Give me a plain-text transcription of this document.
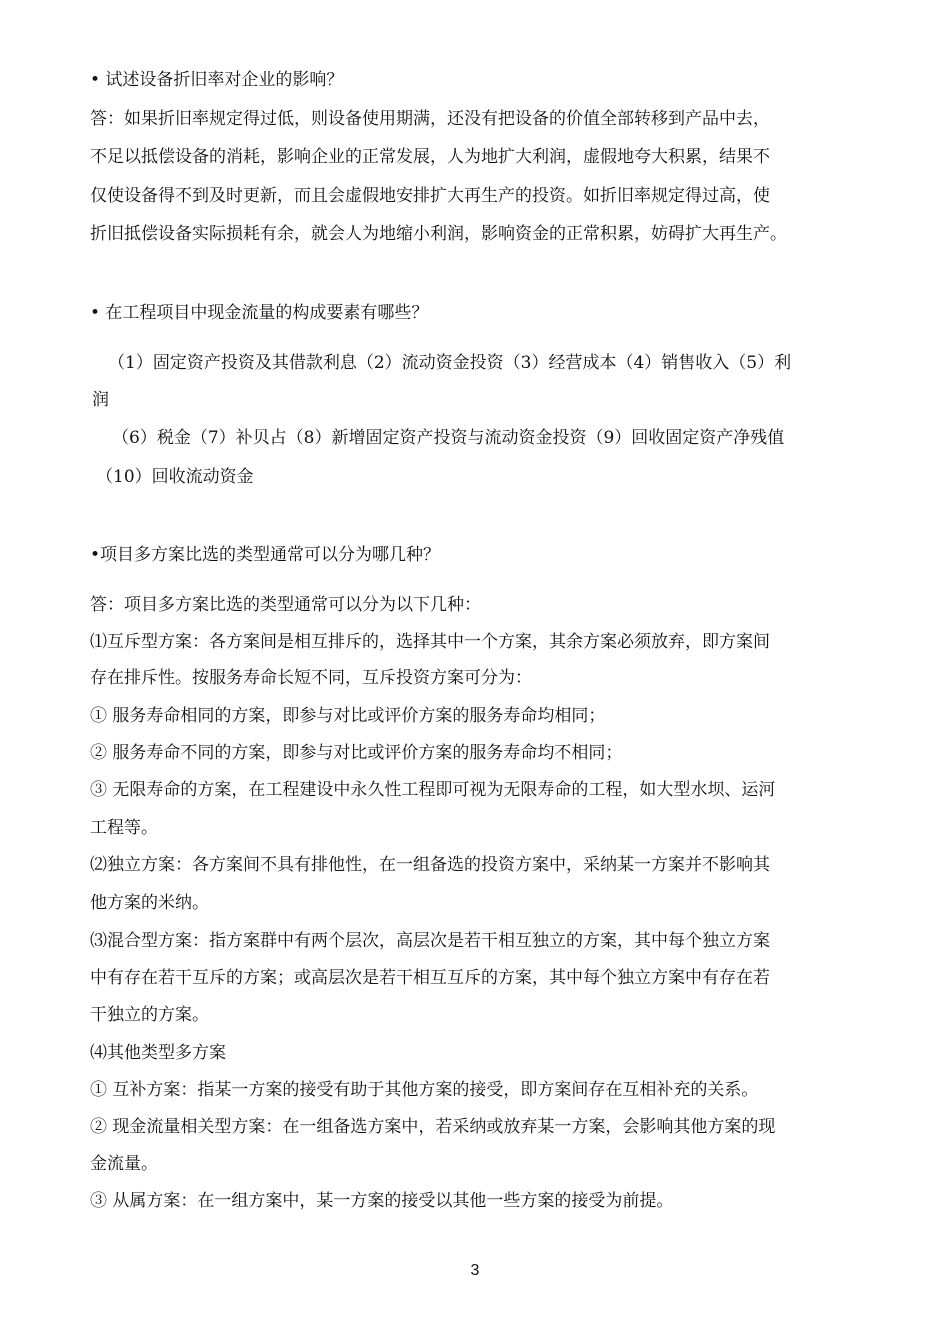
• 试述设备折旧率对企业的影响？
答：如果折旧率规定得过低，则设备使用期满，还没有把设备的价值全部转移到产品中去，
不足以抵偿设备的消耗，影响企业的正常发展，人为地扩大利润，虚假地夸大积累，结果不
仅使设备得不到及时更新，而且会虚假地安排扩大再生产的投资。如折旧率规定得过高，使
折旧抵偿设备实际损耗有余，就会人为地缩小利润，影响资金的正常积累，妨碍扩大再生产。
• 在工程项目中现金流量的构成要素有哪些？
（1）固定资产投资及其借款利息（2）流动资金投资（3）经营成本（4）销售收入（5）利
润
（6）税金（7）补贝占（8）新增固定资产投资与流动资金投资（9）回收固定资产净残值
（10）回收流动资金
•项目多方案比选的类型通常可以分为哪几种？
答：项目多方案比选的类型通常可以分为以下几种：
⑴互斥型方案：各方案间是相互排斥的，选择其中一个方案，其余方案必须放弃，即方案间
存在排斥性。按服务寿命长短不同，互斥投资方案可分为：
① 服务寿命相同的方案，即参与对比或评价方案的服务寿命均相同；
② 服务寿命不同的方案，即参与对比或评价方案的服务寿命均不相同；
③ 无限寿命的方案，在工程建设中永久性工程即可视为无限寿命的工程，如大型水坝、运河
工程等。
⑵独立方案：各方案间不具有排他性，在一组备选的投资方案中，采纳某一方案并不影响其
他方案的米纳。
⑶混合型方案：指方案群中有两个层次，高层次是若干相互独立的方案，其中每个独立方案
中有存在若干互斥的方案；或高层次是若干相互互斥的方案，其中每个独立方案中有存在若
干独立的方案。
⑷其他类型多方案
① 互补方案：指某一方案的接受有助于其他方案的接受，即方案间存在互相补充的关系。
② 现金流量相关型方案：在一组备选方案中，若采纳或放弃某一方案，会影响其他方案的现
金流量。
③ 从属方案：在一组方案中，某一方案的接受以其他一些方案的接受为前提。
3
